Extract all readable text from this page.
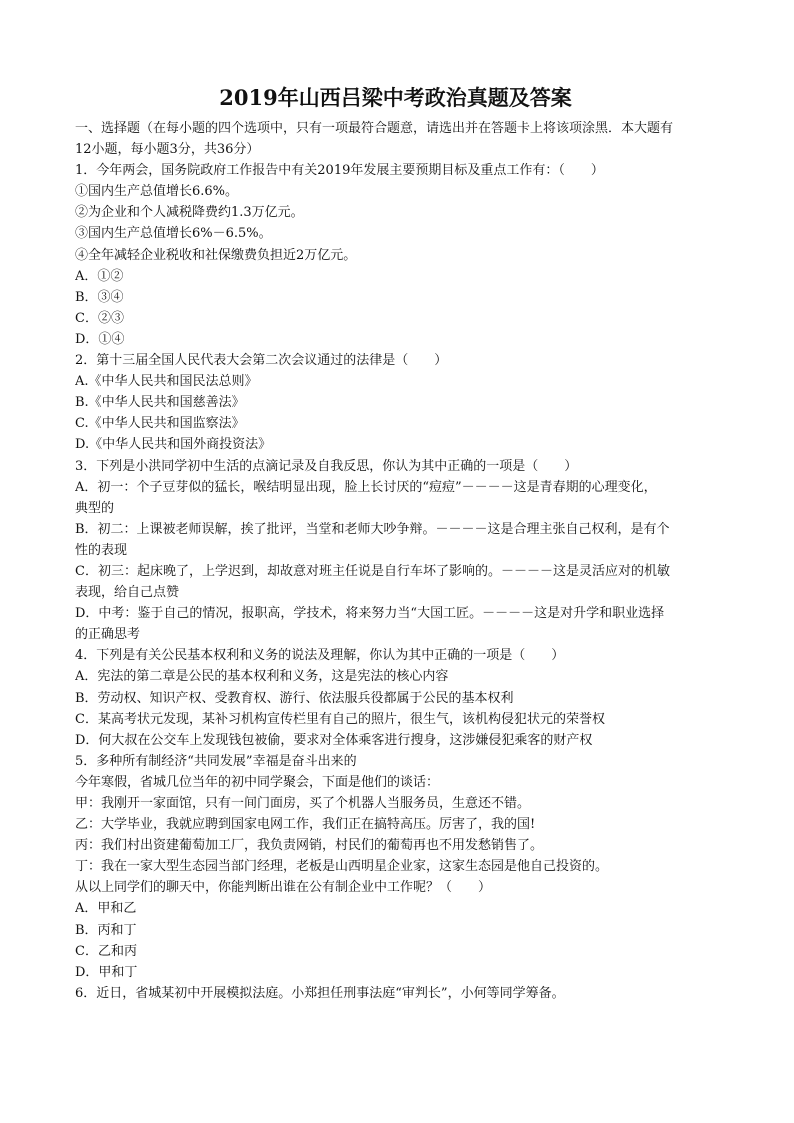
2019年山西吕梁中考政治真题及答案
一、选择题（在每小题的四个选项中，只有一项最符合题意，请选出并在答题卡上将该项涂黑．本大题有
12小题，每小题3分，共36分）
1．今年两会，国务院政府工作报告中有关2019年发展主要预期目标及重点工作有：（　　）
①国内生产总值增长6.6%。
②为企业和个人减税降费约1.3万亿元。
③国内生产总值增长6%－6.5%。
④全年减轻企业税收和社保缴费负担近2万亿元。
A．①②
B．③④
C．②③
D．①④
2．第十三届全国人民代表大会第二次会议通过的法律是（　　）
A.《中华人民共和国民法总则》
B.《中华人民共和国慈善法》
C.《中华人民共和国监察法》
D.《中华人民共和国外商投资法》
3．下列是小洪同学初中生活的点滴记录及自我反思，你认为其中正确的一项是（　　）
A．初一：个子豆芽似的猛长，喉结明显出现，脸上长讨厌的“痘痘”－－－－这是青春期的心理变化，
典型的
B．初二：上课被老师误解，挨了批评，当堂和老师大吵争辩。－－－－这是合理主张自己权利，是有个
性的表现
C．初三：起床晚了，上学迟到，却故意对班主任说是自行车坏了影响的。－－－－这是灵活应对的机敏
表现，给自己点赞
D．中考：鉴于自己的情况，报职高，学技术，将来努力当“大国工匠。－－－－这是对升学和职业选择
的正确思考
4．下列是有关公民基本权利和义务的说法及理解，你认为其中正确的一项是（　　）
A．宪法的第二章是公民的基本权利和义务，这是宪法的核心内容
B．劳动权、知识产权、受教育权、游行、依法服兵役都属于公民的基本权利
C．某高考状元发现，某补习机构宣传栏里有自己的照片，很生气，该机构侵犯状元的荣誉权
D．何大叔在公交车上发现钱包被偷，要求对全体乘客进行搜身，这涉嫌侵犯乘客的财产权
5．多种所有制经济“共同发展”幸福是奋斗出来的
今年寒假，省城几位当年的初中同学聚会，下面是他们的谈话：
甲：我刚开一家面馆，只有一间门面房，买了个机器人当服务员，生意还不错。
乙：大学毕业，我就应聘到国家电网工作，我们正在搞特高压。厉害了，我的国!
丙：我们村出资建葡萄加工厂，我负责网销，村民们的葡萄再也不用发愁销售了。
丁：我在一家大型生态园当部门经理，老板是山西明星企业家，这家生态园是他自己投资的。
从以上同学们的聊天中，你能判断出谁在公有制企业中工作呢？（　　）
A．甲和乙
B．丙和丁
C．乙和丙
D．甲和丁
6．近日，省城某初中开展模拟法庭。小郑担任刑事法庭“审判长”，小何等同学筹备。
